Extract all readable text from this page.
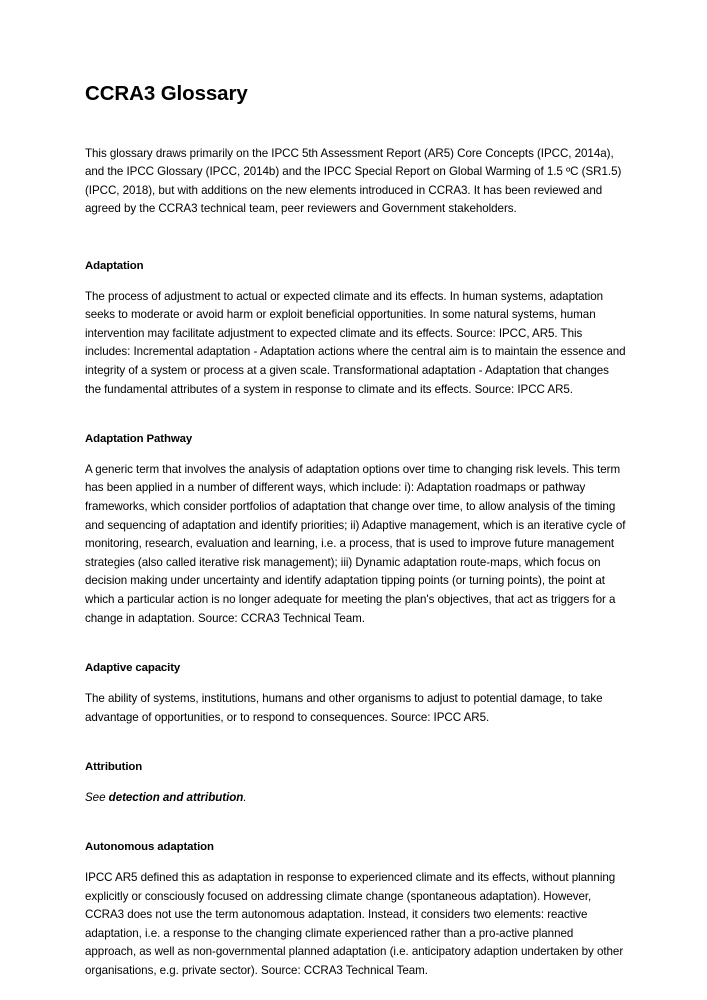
CCRA3 Glossary

This glossary draws primarily on the IPCC 5th Assessment Report (AR5) Core Concepts (IPCC, 2014a), and the IPCC Glossary (IPCC, 2014b) and the IPCC Special Report on Global Warming of 1.5 ºC (SR1.5) (IPCC, 2018), but with additions on the new elements introduced in CCRA3. It has been reviewed and agreed by the CCRA3 technical team, peer reviewers and Government stakeholders.

Adaptation

The process of adjustment to actual or expected climate and its effects. In human systems, adaptation seeks to moderate or avoid harm or exploit beneficial opportunities. In some natural systems, human intervention may facilitate adjustment to expected climate and its effects. Source: IPCC, AR5. This includes: Incremental adaptation - Adaptation actions where the central aim is to maintain the essence and integrity of a system or process at a given scale. Transformational adaptation - Adaptation that changes the fundamental attributes of a system in response to climate and its effects. Source: IPCC AR5.

Adaptation Pathway

A generic term that involves the analysis of adaptation options over time to changing risk levels. This term has been applied in a number of different ways, which include: i): Adaptation roadmaps or pathway frameworks, which consider portfolios of adaptation that change over time, to allow analysis of the timing and sequencing of adaptation and identify priorities; ii) Adaptive management, which is an iterative cycle of monitoring, research, evaluation and learning, i.e. a process, that is used to improve future management strategies (also called iterative risk management); iii) Dynamic adaptation route-maps, which focus on decision making under uncertainty and identify adaptation tipping points (or turning points), the point at which a particular action is no longer adequate for meeting the plan's objectives, that act as triggers for a change in adaptation. Source: CCRA3 Technical Team.

Adaptive capacity

The ability of systems, institutions, humans and other organisms to adjust to potential damage, to take advantage of opportunities, or to respond to consequences. Source: IPCC AR5.

Attribution

See detection and attribution.

Autonomous adaptation

IPCC AR5 defined this as adaptation in response to experienced climate and its effects, without planning explicitly or consciously focused on addressing climate change (spontaneous adaptation). However, CCRA3 does not use the term autonomous adaptation. Instead, it considers two elements: reactive adaptation, i.e. a response to the changing climate experienced rather than a pro-active planned approach, as well as non-governmental planned adaptation (i.e. anticipatory adaption undertaken by other organisations, e.g. private sector). Source: CCRA3 Technical Team.
